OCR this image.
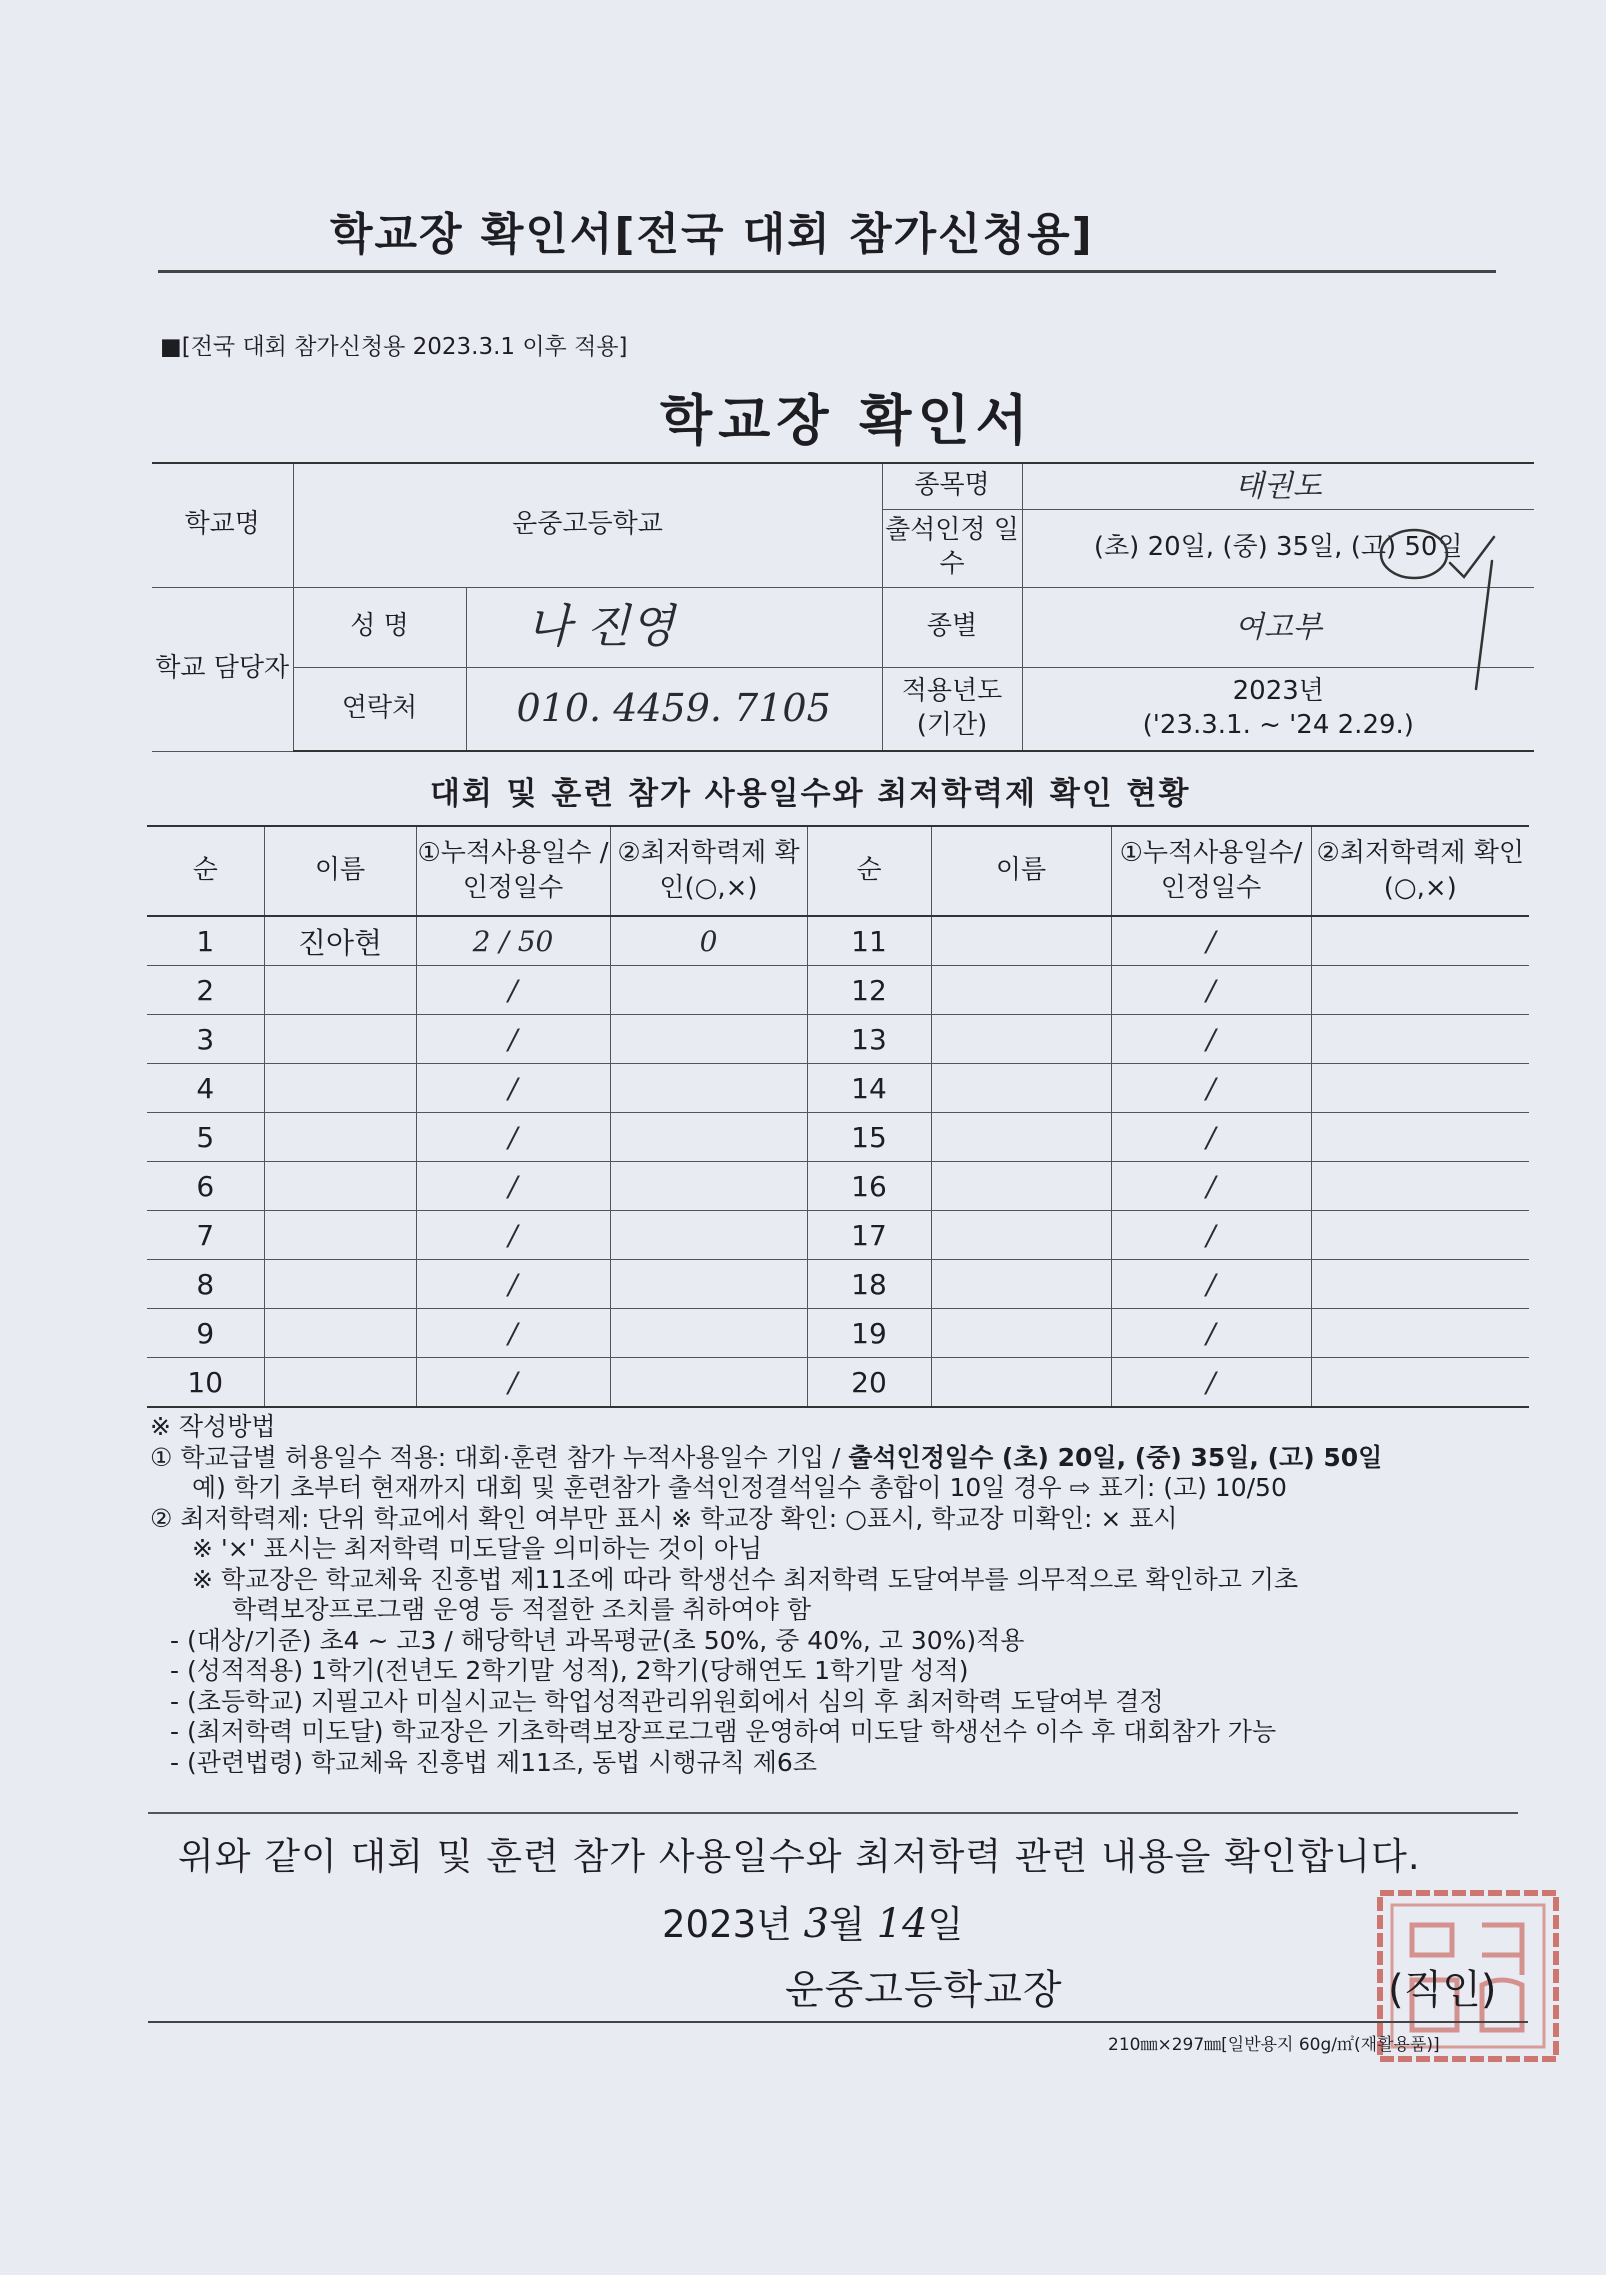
학교장 확인서[전국 대회 참가신청용]
■[전국 대회 참가신청용 2023.3.1 이후 적용]
학교장 확인서
학교명	운중고등학교		종목명	태권도
			출석인정 일수	(초) 20일, (중) 35일, (고) 50일
학교 담당자	성 명	나 진영	종별	여고부
	연락처	010. 4459. 7105	적용년도 (기간)	2023년
('23.3.1. ~ '24 2.29.)
대회 및 훈련 참가 사용일수와 최저학력제 확인 현황
순	이름	①누적사용일수 /인정일수	②최저학력제 확인(○,×)	순	이름	①누적사용일수/ 인정일수	②최저학력제 확인(○,×)
1	진아현	2 / 50	0	11		/	
2		/		12		/	
3		/		13		/	
4		/		14		/	
5		/		15		/	
6		/		16		/	
7		/		17		/	
8		/		18		/	
9		/		19		/	
10		/		20		/	
※ 작성방법
① 학교급별 허용일수 적용: 대회·훈련 참가 누적사용일수 기입 / 출석인정일수 (초) 20일, (중) 35일, (고) 50일
예) 학기 초부터 현재까지 대회 및 훈련참가 출석인정결석일수 총합이 10일 경우 ⇨ 표기: (고) 10/50
② 최저학력제: 단위 학교에서 확인 여부만 표시 ※ 학교장 확인: ○표시, 학교장 미확인: × 표시
※ '×' 표시는 최저학력 미도달을 의미하는 것이 아님
※ 학교장은 학교체육 진흥법 제11조에 따라 학생선수 최저학력 도달여부를 의무적으로 확인하고 기초
학력보장프로그램 운영 등 적절한 조치를 취하여야 함
- (대상/기준) 초4 ~ 고3 / 해당학년 과목평균(초 50%, 중 40%, 고 30%)적용
- (성적적용) 1학기(전년도 2학기말 성적), 2학기(당해연도 1학기말 성적)
- (초등학교) 지필고사 미실시교는 학업성적관리위원회에서 심의 후 최저학력 도달여부 결정
- (최저학력 미도달) 학교장은 기초학력보장프로그램 운영하여 미도달 학생선수 이수 후 대회참가 가능
- (관련법령) 학교체육 진흥법 제11조, 동법 시행규칙 제6조
위와 같이 대회 및 훈련 참가 사용일수와 최저학력 관련 내용을 확인합니다.
2023년 3월 14일
운중고등학교장	(직인)
210㎜×297㎜[일반용지 60g/㎡(재활용품)]
